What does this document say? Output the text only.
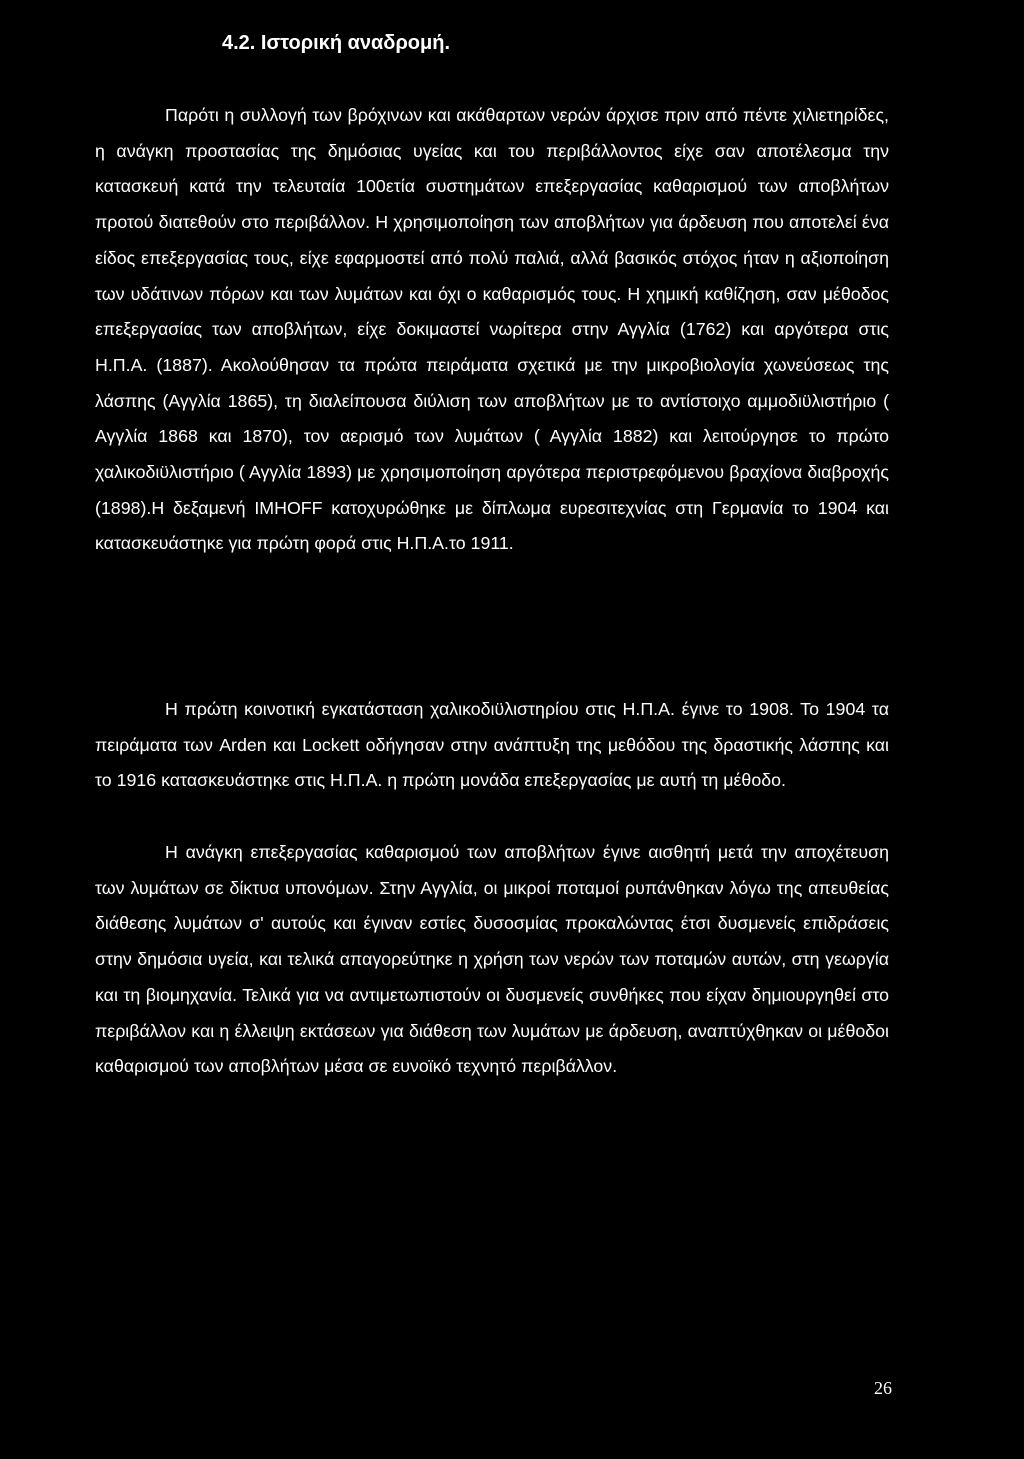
4.2. Ιστορική αναδρομή.

Παρότι η συλλογή των βρόχινων και ακάθαρτων νερών άρχισε πριν από πέντε χιλιετηρίδες, η ανάγκη προστασίας της δημόσιας υγείας και του περιβάλλοντος είχε σαν αποτέλεσμα την κατασκευή κατά την τελευταία 100ετία συστημάτων επεξεργασίας καθαρισμού των αποβλήτων προτού διατεθούν στο περιβάλλον. Η χρησιμοποίηση των αποβλήτων για άρδευση που αποτελεί ένα είδος επεξεργασίας τους, είχε εφαρμοστεί από πολύ παλιά, αλλά βασικός στόχος ήταν η αξιοποίηση των υδάτινων πόρων και των λυμάτων και όχι ο καθαρισμός τους. Η χημική καθίζηση, σαν μέθοδος επεξεργασίας των αποβλήτων, είχε δοκιμαστεί νωρίτερα στην Αγγλία (1762) και αργότερα στις Η.Π.Α. (1887). Ακολούθησαν τα πρώτα πειράματα σχετικά με την μικροβιολογία χωνεύσεως της λάσπης (Αγγλία 1865), τη διαλείπουσα διύλιση των αποβλήτων με το αντίστοιχο αμμοδιϋλιστήριο ( Αγγλία 1868 και 1870), τον αερισμό των λυμάτων ( Αγγλία 1882) και λειτούργησε το πρώτο χαλικοδιϋλιστήριο ( Αγγλία 1893) με χρησιμοποίηση αργότερα περιστρεφόμενου βραχίονα διαβροχής (1898).Η δεξαμενή IMHOFF κατοχυρώθηκε με δίπλωμα ευρεσιτεχνίας στη Γερμανία το 1904 και κατασκευάστηκε για πρώτη φορά στις Η.Π.Α.το 1911.

Η πρώτη κοινοτική εγκατάσταση χαλικοδιϋλιστηρίου στις Η.Π.Α. έγινε το 1908. Το 1904 τα πειράματα των Arden και Lockett οδήγησαν στην ανάπτυξη της μεθόδου της δραστικής λάσπης και το 1916 κατασκευάστηκε στις Η.Π.Α. η πρώτη μονάδα επεξεργασίας με αυτή τη μέθοδο.

Η ανάγκη επεξεργασίας καθαρισμού των αποβλήτων έγινε αισθητή μετά την αποχέτευση των λυμάτων σε δίκτυα υπονόμων. Στην Αγγλία, οι μικροί ποταμοί ρυπάνθηκαν λόγω της απευθείας διάθεσης λυμάτων σ' αυτούς και έγιναν εστίες δυσοσμίας προκαλώντας έτσι δυσμενείς επιδράσεις στην δημόσια υγεία, και τελικά απαγορεύτηκε η χρήση των νερών των ποταμών αυτών, στη γεωργία και τη βιομηχανία. Τελικά για να αντιμετωπιστούν οι δυσμενείς συνθήκες που είχαν δημιουργηθεί στο περιβάλλον και η έλλειψη εκτάσεων για διάθεση των λυμάτων με άρδευση, αναπτύχθηκαν οι μέθοδοι καθαρισμού των αποβλήτων μέσα σε ευνοϊκό τεχνητό περιβάλλον.

26
